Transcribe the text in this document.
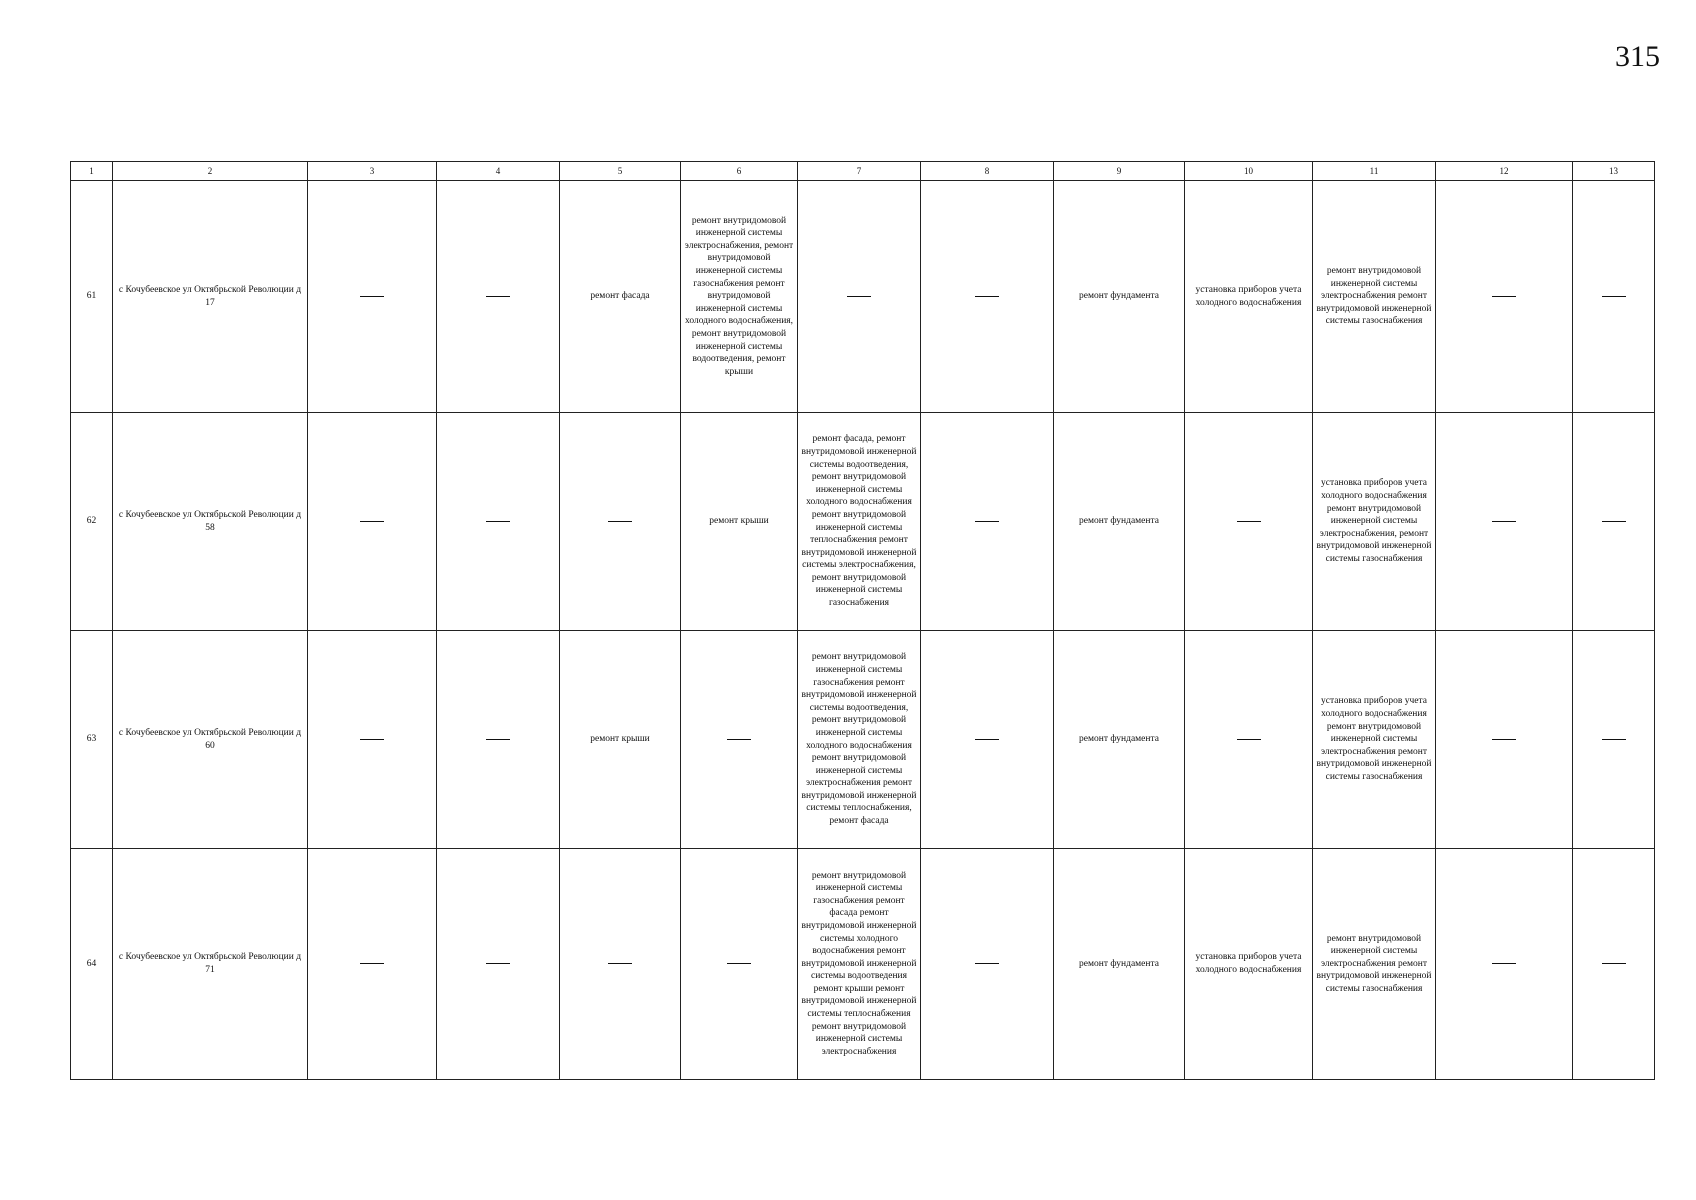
315
1	2	3	4	5	6	7	8	9	10	11	12	13
61	с Кочубеевское ул Октябрьской Революции д 17			ремонт фасада	ремонт внутридомовой инженерной системы электроснабжения, ремонт внутридомовой инженерной системы газоснабжения ремонт внутридомовой инженерной системы холодного водоснабжения, ремонт внутридомовой инженерной системы водоотведения, ремонт крыши			ремонт фундамента	установка приборов учета холодного водоснабжения	ремонт внутридомовой инженерной системы электроснабжения ремонт внутридомовой инженерной системы газоснабжения		
62	с Кочубеевское ул Октябрьской Революции д 58				ремонт крыши	ремонт фасада, ремонт внутридомовой инженерной системы водоотведения, ремонт внутридомовой инженерной системы холодного водоснабжения ремонт внутридомовой инженерной системы теплоснабжения ремонт внутридомовой инженерной системы электроснабжения, ремонт внутридомовой инженерной системы газоснабжения		ремонт фундамента		установка приборов учета холодного водоснабжения ремонт внутридомовой инженерной системы электроснабжения, ремонт внутридомовой инженерной системы газоснабжения		
63	с Кочубеевское ул Октябрьской Революции д 60			ремонт крыши		ремонт внутридомовой инженерной системы газоснабжения ремонт внутридомовой инженерной системы водоотведения, ремонт внутридомовой инженерной системы холодного водоснабжения ремонт внутридомовой инженерной системы электроснабжения ремонт внутридомовой инженерной системы теплоснабжения, ремонт фасада		ремонт фундамента		установка приборов учета холодного водоснабжения ремонт внутридомовой инженерной системы электроснабжения ремонт внутридомовой инженерной системы газоснабжения		
64	с Кочубеевское ул Октябрьской Революции д 71					ремонт внутридомовой инженерной системы газоснабжения ремонт фасада ремонт внутридомовой инженерной системы холодного водоснабжения ремонт внутридомовой инженерной системы водоотведения ремонт крыши ремонт внутридомовой инженерной системы теплоснабжения ремонт внутридомовой инженерной системы электроснабжения		ремонт фундамента	установка приборов учета холодного водоснабжения	ремонт внутридомовой инженерной системы электроснабжения ремонт внутридомовой инженерной системы газоснабжения		
